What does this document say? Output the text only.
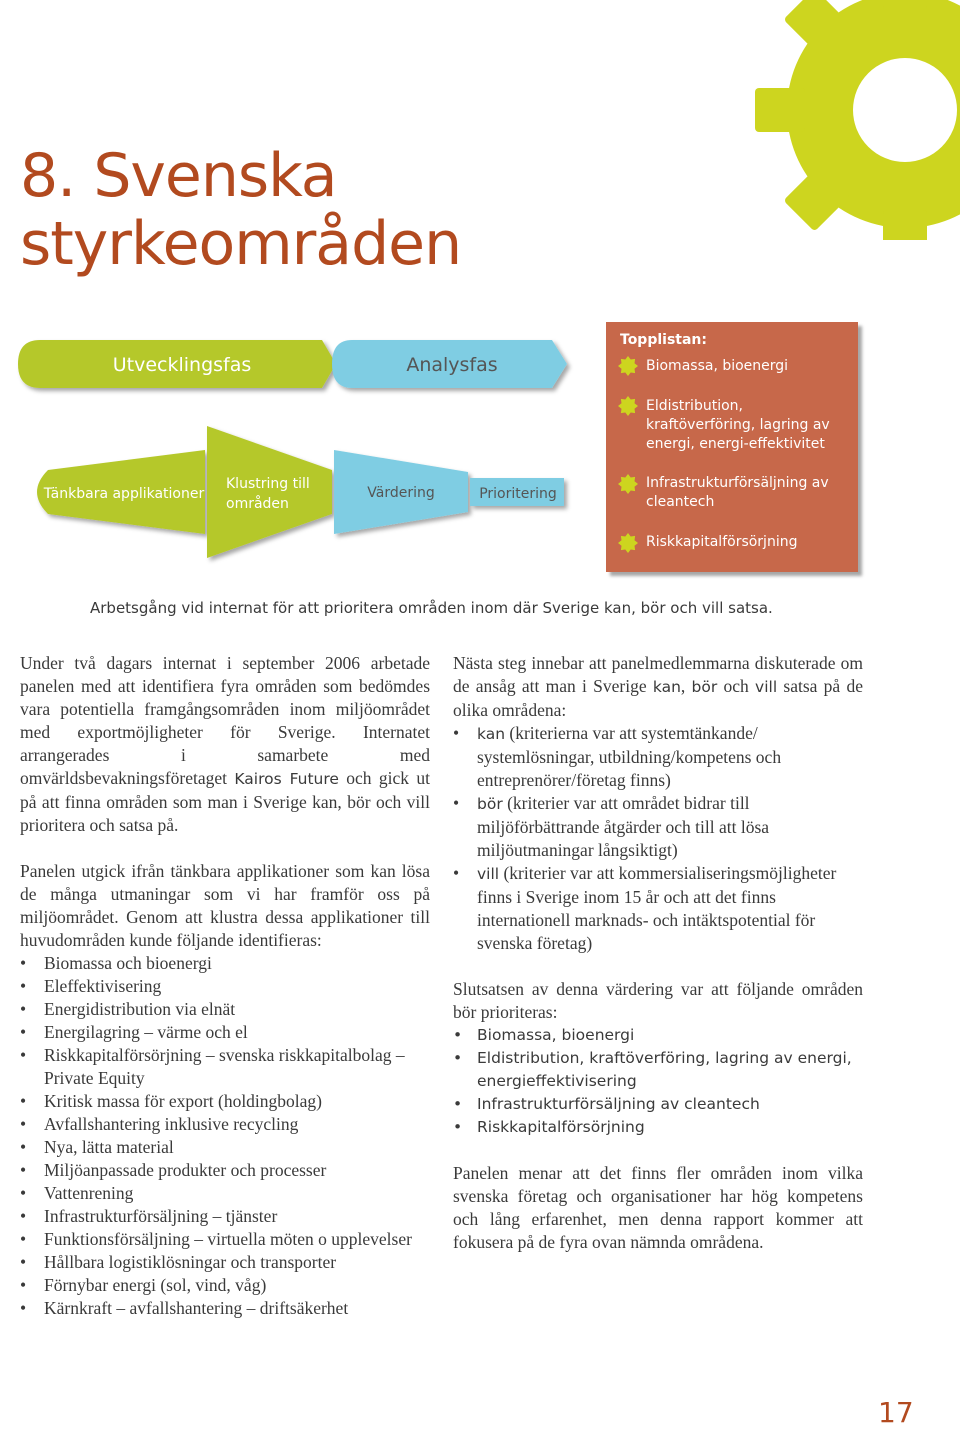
8. Svenska
styrkeområden
Utvecklingsfas	Analysfas
Tänkbara applikationer
Klustring till
områden
Värdering	Prioritering
Topplistan:
Biomassa, bioenergi
Eldistribution, kraftöverföring, lagring av energi, energi-effektivitet
Infrastrukturförsäljning av cleantech
Riskkapitalförsörjning

Arbetsgång vid internat för att prioritera områden inom där Sverige kan, bör och vill satsa.

Under två dagars internat i september 2006 arbetade panelen med att identifiera fyra områden som bedömdes vara potentiella framgångsområden inom miljöområdet med exportmöjligheter för Sverige. Internatet arrangerades i samarbete med omvärldsbevakningsföretaget Kairos Future och gick ut på att finna områden som man i Sverige kan, bör och vill prioritera och satsa på.

Panelen utgick ifrån tänkbara applikationer som kan lösa de många utmaningar som vi har framför oss på miljöområdet. Genom att klustra dessa applikationer till huvudområden kunde följande identifieras:

• Biomassa och bioenergi
• Eleffektivisering
• Energidistribution via elnät
• Energilagring – värme och el
• Riskkapitalförsörjning – svenska riskkapitalbolag – Private Equity
• Kritisk massa för export (holdingbolag)
• Avfallshantering inklusive recycling
• Nya, lätta material
• Miljöanpassade produkter och processer
• Vattenrening
• Infrastrukturförsäljning – tjänster
• Funktionsförsäljning – virtuella möten o upplevelser
• Hållbara logistiklösningar och transporter
• Förnybar energi (sol, vind, våg)
• Kärnkraft – avfallshantering – driftsäkerhet

Nästa steg innebar att panelmedlemmarna diskuterade om de ansåg att man i Sverige kan, bör och vill satsa på de olika områdena:

• kan (kriterierna var att systemtänkande/ systemlösningar, utbildning/kompetens och entreprenörer/företag finns)
• bör (kriterier var att området bidrar till miljöförbättrande åtgärder och till att lösa miljöutmaningar långsiktigt)
• vill (kriterier var att kommersialiseringsmöjligheter finns i Sverige inom 15 år och att det finns internationell marknads- och intäktspotential för svenska företag)

Slutsatsen av denna värdering var att följande områden bör prioriteras:

• Biomassa, bioenergi
• Eldistribution, kraftöverföring, lagring av energi, energieffektivisering
• Infrastrukturförsäljning av cleantech
• Riskkapitalförsörjning

Panelen menar att det finns fler områden inom vilka svenska företag och organisationer har hög kompetens och lång erfarenhet, men denna rapport kommer att fokusera på de fyra ovan nämnda områdena.

17
